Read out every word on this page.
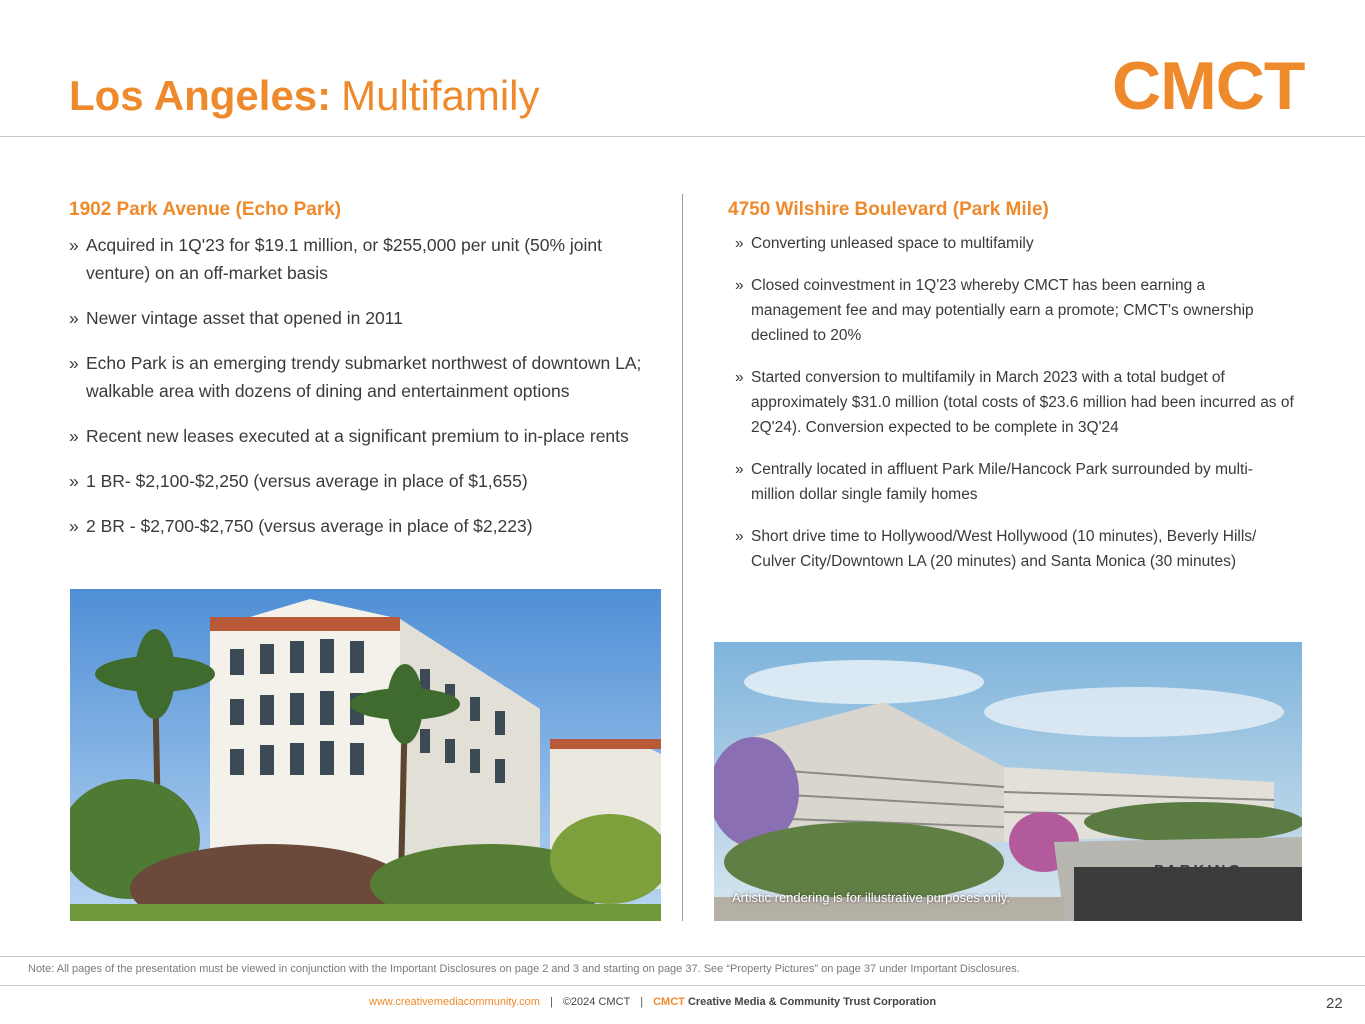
Los Angeles: Multifamily	CMCT
1902 Park Avenue (Echo Park)
» Acquired in 1Q'23 for $19.1 million, or $255,000 per unit (50% joint venture) on an off-market basis
» Newer vintage asset that opened in 2011
» Echo Park is an emerging trendy submarket northwest of downtown LA; walkable area with dozens of dining and entertainment options
» Recent new leases executed at a significant premium to in-place rents
» 1 BR- $2,100-$2,250 (versus average in place of $1,655)
» 2 BR - $2,700-$2,750 (versus average in place of $2,223)
4750 Wilshire Boulevard (Park Mile)
» Converting unleased space to multifamily
» Closed coinvestment in 1Q'23 whereby CMCT has been earning a management fee and may potentially earn a promote; CMCT's ownership declined to 20%
» Started conversion to multifamily in March 2023 with a total budget of approximately $31.0 million (total costs of $23.6 million had been incurred as of 2Q'24). Conversion expected to be complete in 3Q'24
» Centrally located in affluent Park Mile/Hancock Park surrounded by multi-million dollar single family homes
» Short drive time to Hollywood/West Hollywood (10 minutes), Beverly Hills/ Culver City/Downtown LA (20 minutes) and Santa Monica (30 minutes)
PARKING
Artistic rendering is for illustrative purposes only.
Note: All pages of the presentation must be viewed in conjunction with the Important Disclosures on page 2 and 3 and starting on page 37. See “Property Pictures” on page 37 under Important Disclosures.
www.creativemediacommunity.com | ©2024 CMCT | CMCT Creative Media & Community Trust Corporation	22
